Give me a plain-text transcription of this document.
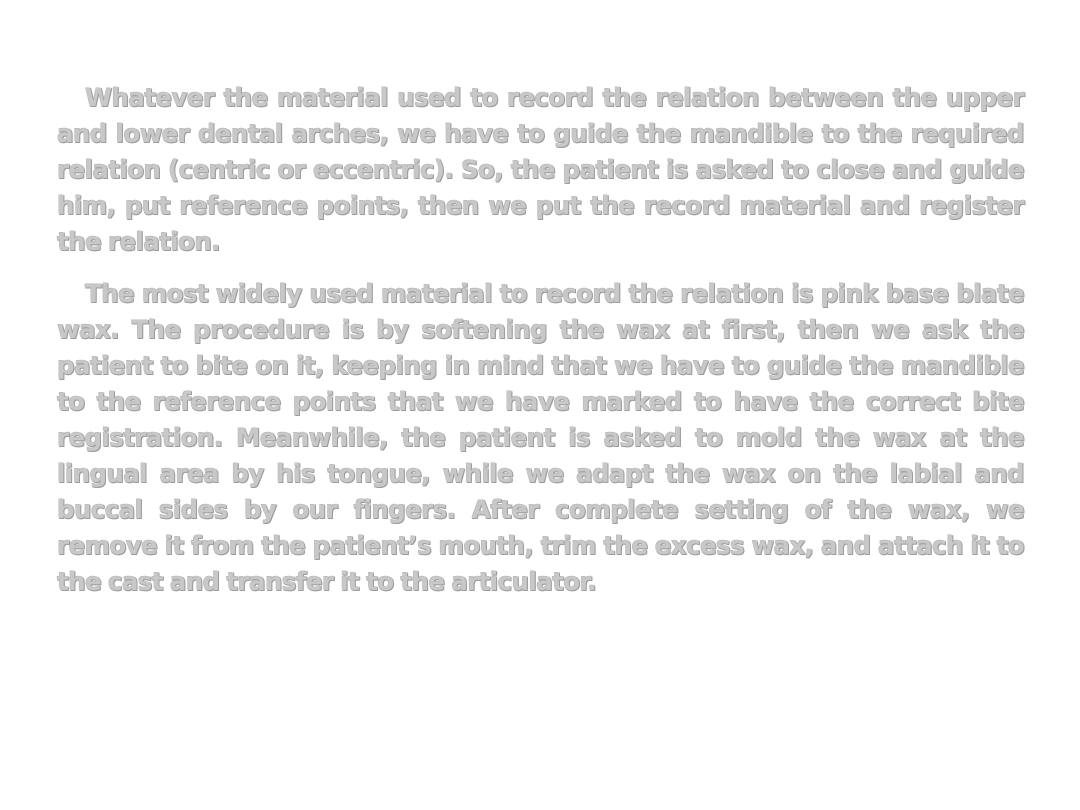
Whatever the material used to record the relation between the upper and lower dental arches, we have to guide the mandible to the required relation (centric or eccentric). So, the patient is asked to close and guide him, put reference points, then we put the record material and register the relation.

The most widely used material to record the relation is pink base blate wax. The procedure is by softening the wax at first, then we ask the patient to bite on it, keeping in mind that we have to guide the mandible to the reference points that we have marked to have the correct bite registration. Meanwhile, the patient is asked to mold the wax at the lingual area by his tongue, while we adapt the wax on the labial and buccal sides by our fingers. After complete setting of the wax, we remove it from the patient’s mouth, trim the excess wax, and attach it to the cast and transfer it to the articulator.
